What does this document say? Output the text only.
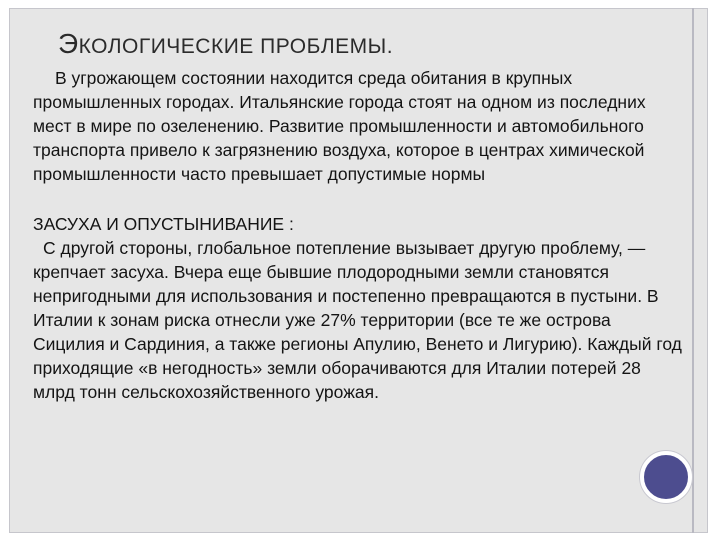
ЭКОЛОГИЧЕСКИЕ ПРОБЛЕМЫ.
В угрожающем состоянии находится среда обитания в крупных промышленных городах. Итальянские города стоят на одном из последних мест в мире по озеленению. Развитие промышленности и автомобильного транспорта привело к загрязнению воздуха, которое в центрах химической промышленности часто превышает допустимые нормы
ЗАСУХА И ОПУСТЫНИВАНИЕ :
С другой стороны, глобальное потепление вызывает другую проблему, — крепчает засуха. Вчера еще бывшие плодородными земли становятся непригодными для использования и постепенно превращаются в пустыни. В Италии к зонам риска отнесли уже 27% территории (все те же острова Сицилия и Сардиния, а также регионы Апулию, Венето и Лигурию). Каждый год приходящие «в негодность» земли оборачиваются для Италии потерей 28 млрд тонн сельскохозяйственного урожая.
